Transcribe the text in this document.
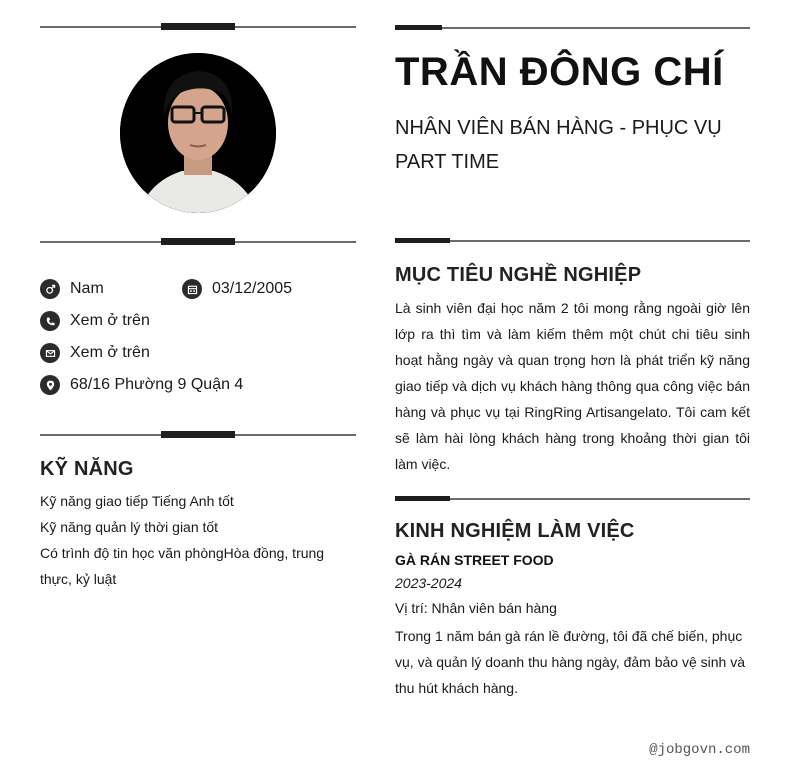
Nam	03/12/2005
Xem ở trên
Xem ở trên
68/16 Phường 9 Quận 4
KỸ NĂNG
Kỹ năng giao tiếp Tiếng Anh tốt
Kỹ năng quản lý thời gian tốt
Có trình độ tin học văn phòngHòa đồng, trung thực, kỷ luật
TRẦN ĐÔNG CHÍ
NHÂN VIÊN BÁN HÀNG - PHỤC VỤ PART TIME
MỤC TIÊU NGHỀ NGHIỆP
Là sinh viên đại học năm 2 tôi mong rằng ngoài giờ lên lớp ra thì tìm và làm kiếm thêm một chút chi tiêu sinh hoạt hằng ngày và quan trọng hơn là phát triển kỹ năng giao tiếp và dịch vụ khách hàng thông qua công việc bán hàng và phục vụ tại RingRing Artisangelato. Tôi cam kết sẽ làm hài lòng khách hàng trong khoảng thời gian tôi làm việc.
KINH NGHIỆM LÀM VIỆC
GÀ RÁN STREET FOOD
2023-2024
Vị trí: Nhân viên bán hàng
Trong 1 năm bán gà rán lề đường, tôi đã chế biến, phục vụ, và quản lý doanh thu hàng ngày, đảm bảo vệ sinh và thu hút khách hàng.
@jobgovn.com
